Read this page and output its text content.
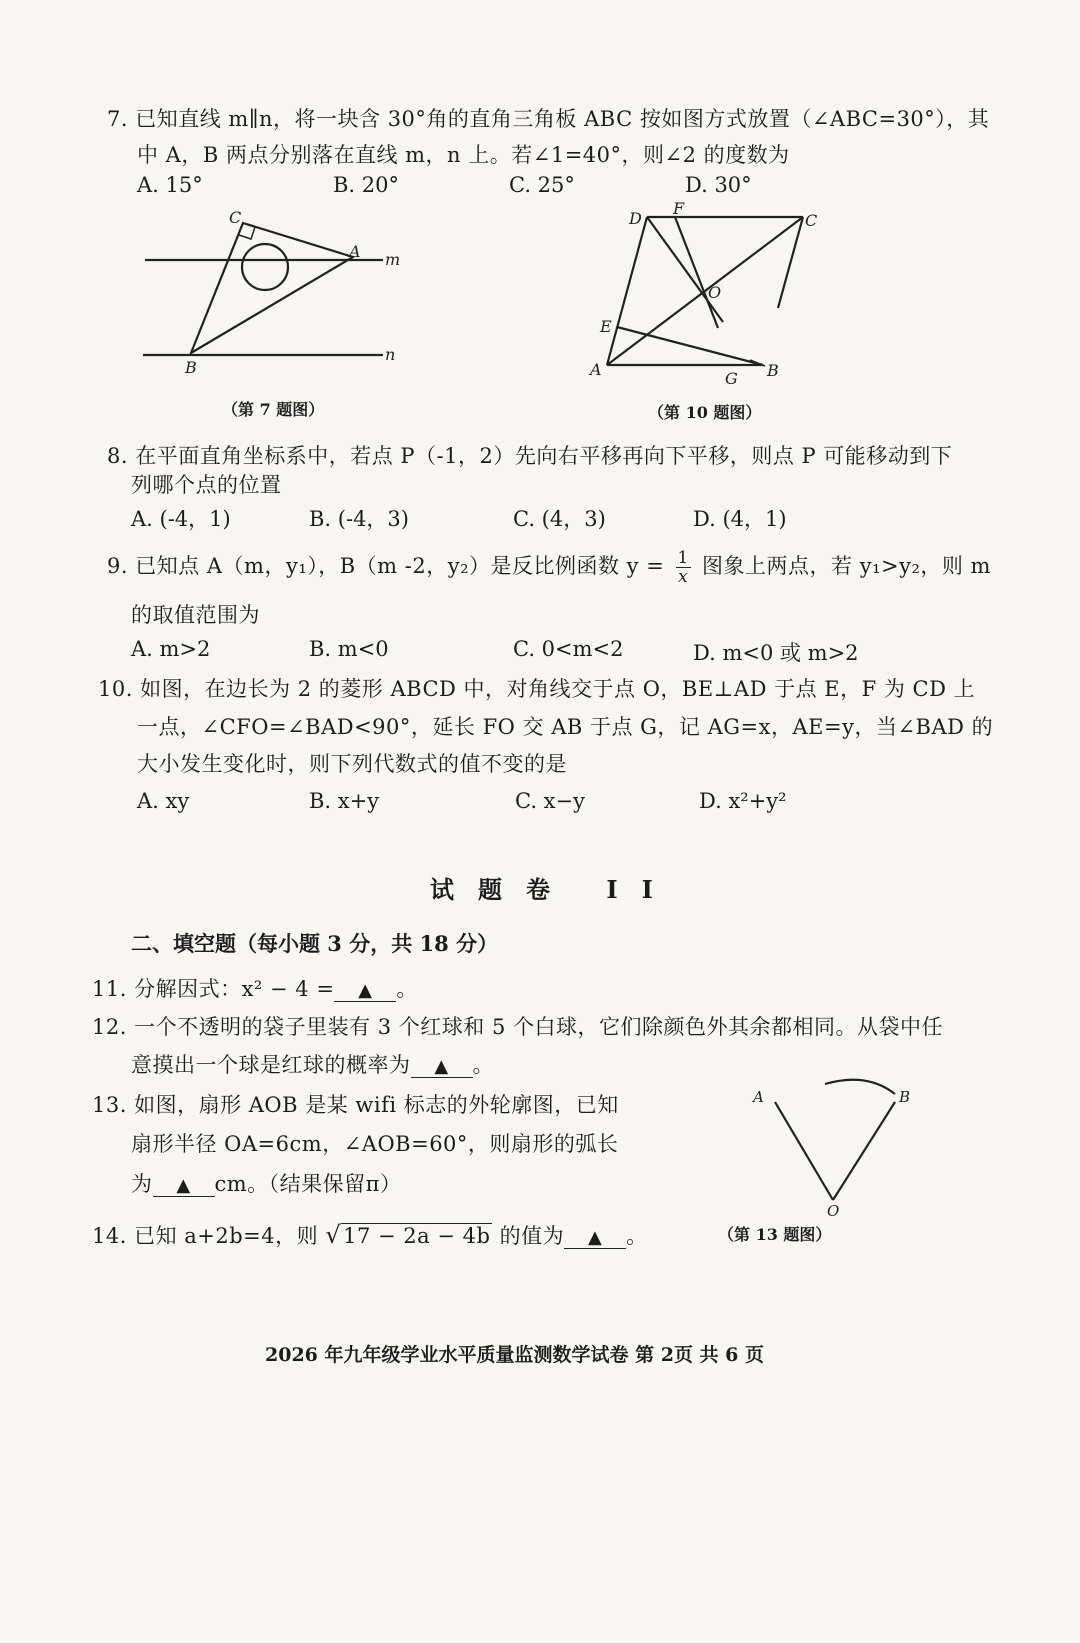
7. 已知直线 m∥n，将一块含 30°角的直角三角板 ABC 按如图方式放置（∠ABC=30°），其
中 A，B 两点分别落在直线 m，n 上。若∠1=40°，则∠2 的度数为
A. 15°	B. 20°	C. 25°	D. 30°
C
A m
B
n
（第 7 题图）
D
F
C
O
E
A	G B
（第 10 题图）
8. 在平面直角坐标系中，若点 P（-1，2）先向右平移再向下平移，则点 P 可能移动到下
列哪个点的位置
A. (-4，1)	B. (-4，3)	C. (4，3)	D. (4，1)
9. 已知点 A（m，y₁），B（m -2，y₂）是反比例函数 $y = \frac{1}{x}$ 图象上两点，若 y₁>y₂，则 m
的取值范围为
A. m>2	B. m<0	C. 0<m<2	D. m<0 或 m>2
10. 如图，在边长为 2 的菱形 ABCD 中，对角线交于点 O，BE⊥AD 于点 E，F 为 CD 上
一点，∠CFO=∠BAD<90°，延长 FO 交 AB 于点 G，记 AG=x，AE=y，当∠BAD 的
大小发生变化时，则下列代数式的值不变的是
A. xy	B. x+y	C. x−y	D. x²+y²
试题卷 II
二、填空题（每小题 3 分，共 18 分）
11. 分解因式：x² − 4 = ▲ 。
12. 一个不透明的袋子里装有 3 个红球和 5 个白球，它们除颜色外其余都相同。从袋中任
意摸出一个球是红球的概率为 ▲ 。
13. 如图，扇形 AOB 是某 wifi 标志的外轮廓图，已知
扇形半径 OA=6cm，∠AOB=60°，则扇形的弧长
为 ▲ cm。（结果保留π）
A	B
O
（第 13 题图）
14. 已知 a+2b=4，则 √17 − 2a − 4b 的值为 ▲ 。
2026 年九年级学业水平质量监测数学试卷 第 2页 共 6 页
